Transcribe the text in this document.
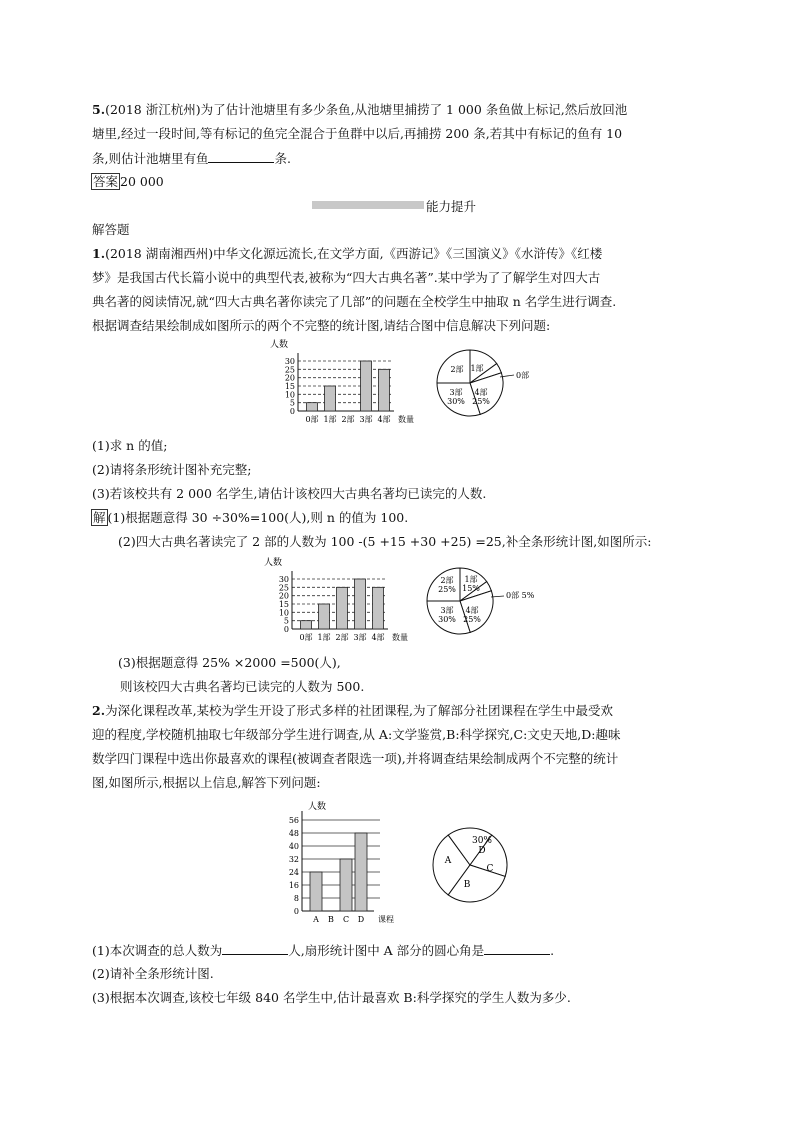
5.(2018 浙江杭州)为了估计池塘里有多少条鱼,从池塘里捕捞了 1 000 条鱼做上标记,然后放回池
塘里,经过一段时间,等有标记的鱼完全混合于鱼群中以后,再捕捞 200 条,若其中有标记的鱼有 10
条,则估计池塘里有鱼	条.
答案 20 000
能力提升
解答题
1.(2018 湖南湘西州)中华文化源远流长,在文学方面,《西游记》《三国演义》《水浒传》《红楼
梦》是我国古代长篇小说中的典型代表,被称为“四大古典名著”.某中学为了了解学生对四大古
典名著的阅读情况,就“四大古典名著你读完了几部”的问题在全校学生中抽取 n 名学生进行调查.
根据调查结果绘制成如图所示的两个不完整的统计图,请结合图中信息解决下列问题:
0
5
10
15
20
25
30
人数
0部 1部 2部 3部 4部 数量
2部 1部
0部
4部
25%
3部
30%
(1)求 n 的值;
(2)请将条形统计图补充完整;
(3)若该校共有 2 000 名学生,请估计该校四大古典名著均已读完的人数.
解 (1)根据题意得 30 ÷30%=100(人),则 n 的值为 100.
(2)四大古典名著读完了 2 部的人数为 100 -(5 +15 +30 +25) =25,补全条形统计图,如图所示:
0
5
10
15
20
25
30
人数
0部 1部 2部 3部 4部 数量
2部
25%
1部
15%
0部 5%
4部
25%
3部
30%
(3)根据题意得 25% ×2000 =500(人),
则该校四大古典名著均已读完的人数为 500.
2.为深化课程改革,某校为学生开设了形式多样的社团课程,为了解部分社团课程在学生中最受欢
迎的程度,学校随机抽取七年级部分学生进行调查,从 A:文学鉴赏,B:科学探究,C:文史天地,D:趣味
数学四门课程中选出你最喜欢的课程(被调查者限选一项),并将调查结果绘制成两个不完整的统计
图,如图所示,根据以上信息,解答下列问题:
0
8
16
24
32
40
48
56
人数
A B C D 课程
A
B
C
30%
D
(1)本次调查的总人数为	人,扇形统计图中 A 部分的圆心角是	.
(2)请补全条形统计图.
(3)根据本次调查,该校七年级 840 名学生中,估计最喜欢 B:科学探究的学生人数为多少.
